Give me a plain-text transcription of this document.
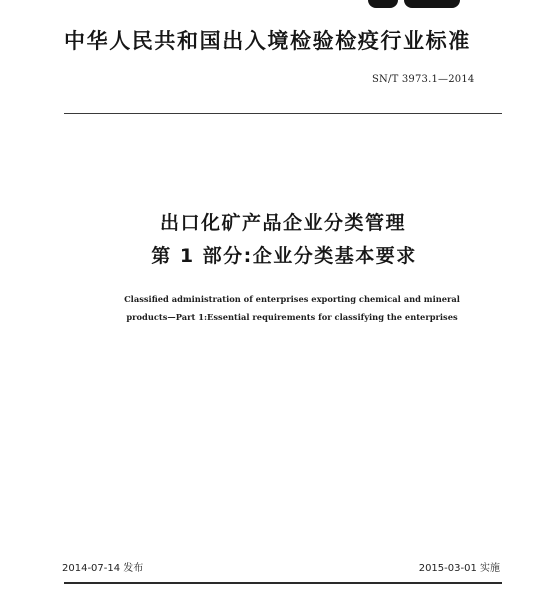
中华人民共和国出入境检验检疫行业标准
SN/T 3973.1—2014
出口化矿产品企业分类管理
第 1 部分:企业分类基本要求
Classified administration of enterprises exporting chemical and mineral
products—Part 1:Essential requirements for classifying the enterprises
2014-07-14 发布	2015-03-01 实施
